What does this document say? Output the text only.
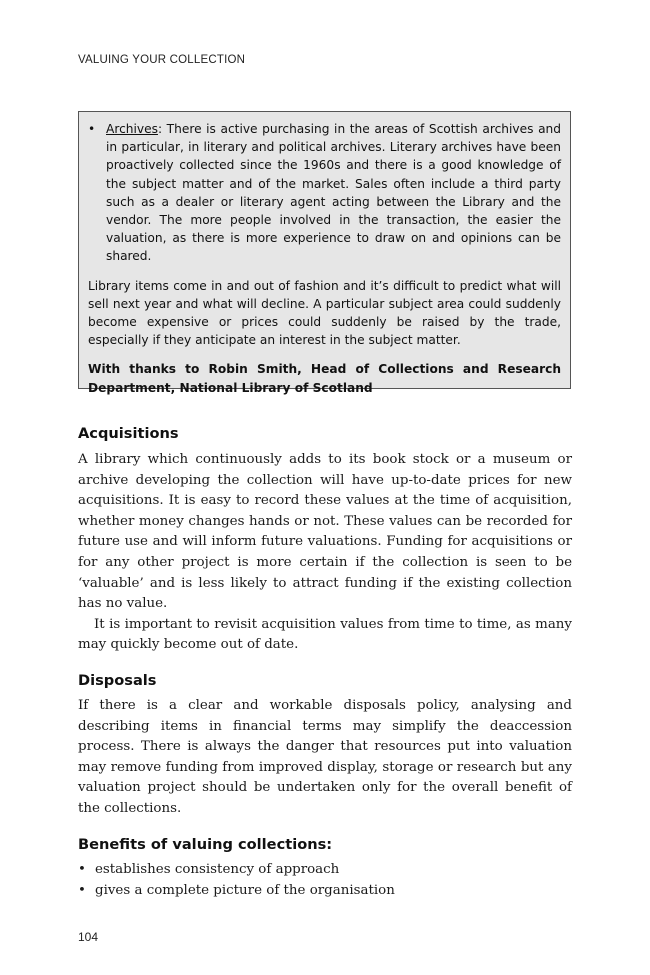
VALUING YOUR COLLECTION
• Archives: There is active purchasing in the areas of Scottish archives and in particular, in literary and political archives. Literary archives have been proactively collected since the 1960s and there is a good knowledge of the subject matter and of the market. Sales often include a third party such as a dealer or literary agent acting between the Library and the vendor. The more people involved in the transaction, the easier the valuation, as there is more experience to draw on and opinions can be shared.

Library items come in and out of fashion and it’s difficult to predict what will sell next year and what will decline. A particular subject area could suddenly become expensive or prices could suddenly be raised by the trade, especially if they anticipate an interest in the subject matter.

With thanks to Robin Smith, Head of Collections and Research Department, National Library of Scotland

Acquisitions

A library which continuously adds to its book stock or a museum or archive developing the collection will have up-to-date prices for new acquisitions. It is easy to record these values at the time of acquisition, whether money changes hands or not. These values can be recorded for future use and will inform future valuations. Funding for acquisitions or for any other project is more certain if the collection is seen to be ‘valuable’ and is less likely to attract funding if the existing collection has no value.

It is important to revisit acquisition values from time to time, as many may quickly become out of date.

Disposals

If there is a clear and workable disposals policy, analysing and describing items in financial terms may simplify the deaccession process. There is always the danger that resources put into valuation may remove funding from improved display, storage or research but any valuation project should be undertaken only for the overall benefit of the collections.

Benefits of valuing collections:
• establishes consistency of approach
• gives a complete picture of the organisation
104
